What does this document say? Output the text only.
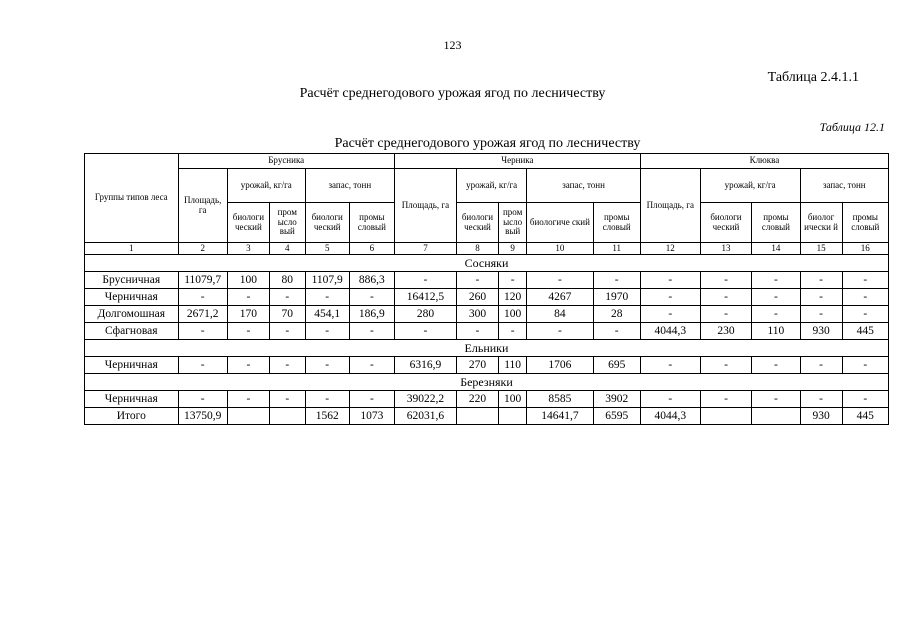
123
Таблица 2.4.1.1
Расчёт среднегодового урожая ягод по лесничеству
Таблица 12.1
Расчёт среднегодового урожая ягод по лесничеству
Группы типов леса	Брусника					Черника					Клюква				
	Площадь, га	урожай, кг/га		запас, тонн		Площадь, га	урожай, кг/га		запас, тонн		Площадь, га	урожай, кг/га		запас, тонн	
		биологи ческий	пром ысло вый	биологи ческий	промы словый		биологи ческий	пром ысло вый	биологиче ский	промы словый		биологи ческий	промы словый	биолог ически й	промы словый
1	2	3	4	5	6	7	8	9	10	11	12	13	14	15	16
Сосняки															
Брусничная	11079,7	100	80	1107,9	886,3	-	-	-	-	-	-	-	-	-	-
Черничная	-	-	-	-	-	16412,5	260	120	4267	1970	-	-	-	-	-
Долгомошная	2671,2	170	70	454,1	186,9	280	300	100	84	28	-	-	-	-	-
Сфагновая	-	-	-	-	-	-	-	-	-	-	4044,3	230	110	930	445
Ельники															
Черничная	-	-	-	-	-	6316,9	270	110	1706	695	-	-	-	-	-
Березняки															
Черничная	-	-	-	-	-	39022,2	220	100	8585	3902	-	-	-	-	-
Итого	13750,9			1562	1073	62031,6			14641,7	6595	4044,3			930	445
